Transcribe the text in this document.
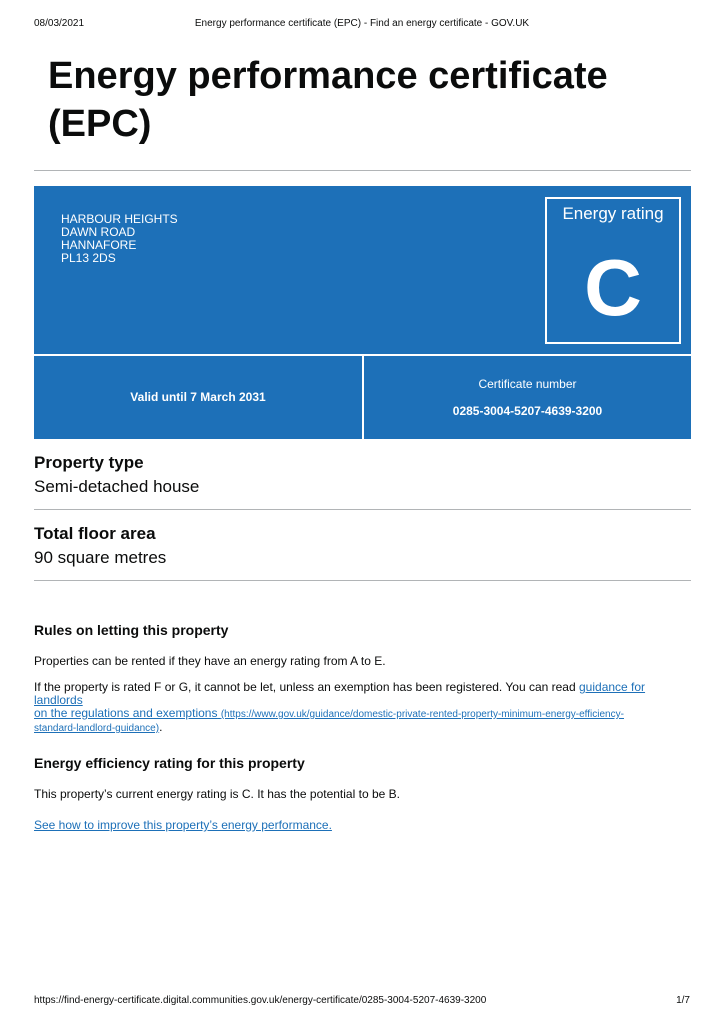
08/03/2021	Energy performance certificate (EPC) - Find an energy certificate - GOV.UK
Energy performance certificate
(EPC)
HARBOUR HEIGHTS
DAWN ROAD
HANNAFORE
PL13 2DS
Energy rating
C
Valid until 7 March 2031
Certificate number
0285-3004-5207-4639-3200
Property type
Semi-detached house
Total floor area
90 square metres
Rules on letting this property

Properties can be rented if they have an energy rating from A to E.

If the property is rated F or G, it cannot be let, unless an exemption has been registered. You can read guidance for landlords
on the regulations and exemptions (https://www.gov.uk/guidance/domestic-private-rented-property-minimum-energy-efficiency-
standard-landlord-guidance).

Energy efficiency rating for this property

This property’s current energy rating is C. It has the potential to be B.

See how to improve this property’s energy performance.

https://find-energy-certificate.digital.communities.gov.uk/energy-certificate/0285-3004-5207-4639-3200	1/7
